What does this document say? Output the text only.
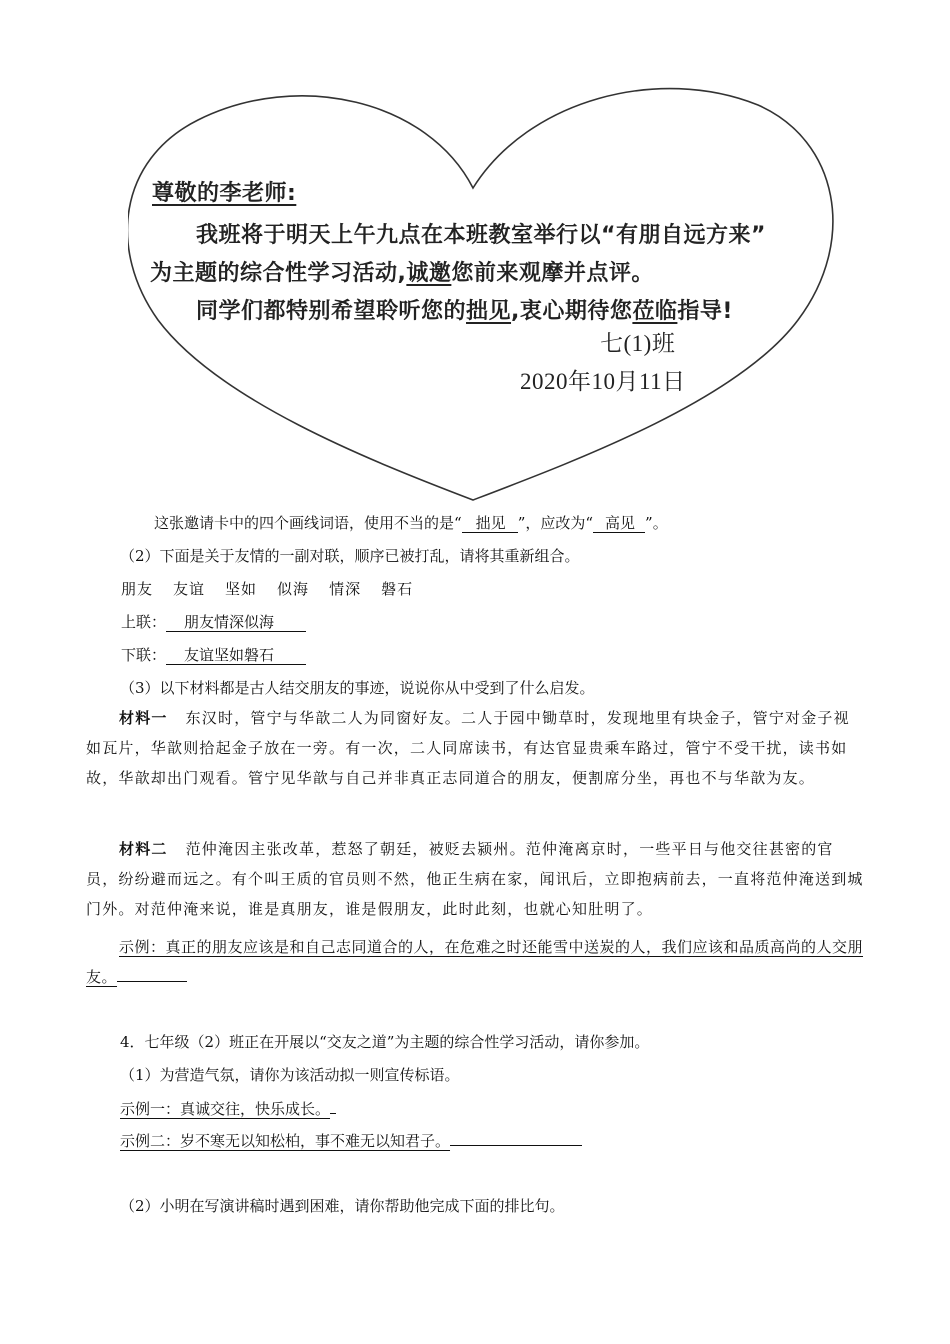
尊敬的李老师:
我班将于明天上午九点在本班教室举行以“有朋自远方来”
为主题的综合性学习活动,诚邀您前来观摩并点评。
同学们都特别希望聆听您的拙见,衷心期待您莅临指导!
七(1)班
2020年10月11日
这张邀请卡中的四个画线词语，使用不当的是“ 拙见 ”，应改为“ 高见 ”。
（2）下面是关于友情的一副对联，顺序已被打乱，请将其重新组合。
朋友 友谊 坚如 似海 情深 磐石
上联： 朋友情深似海
下联： 友谊坚如磐石
（3）以下材料都是古人结交朋友的事迹，说说你从中受到了什么启发。
材料一 东汉时，管宁与华歆二人为同窗好友。二人于园中锄草时，发现地里有块金子，管宁对金子视如瓦片，华歆则拾起金子放在一旁。有一次，二人同席读书，有达官显贵乘车路过，管宁不受干扰，读书如故，华歆却出门观看。管宁见华歆与自己并非真正志同道合的朋友，便割席分坐，再也不与华歆为友。
材料二 范仲淹因主张改革，惹怒了朝廷，被贬去颍州。范仲淹离京时，一些平日与他交往甚密的官员，纷纷避而远之。有个叫王质的官员则不然，他正生病在家，闻讯后，立即抱病前去，一直将范仲淹送到城门外。对范仲淹来说，谁是真朋友，谁是假朋友，此时此刻，也就心知肚明了。
示例：真正的朋友应该是和自己志同道合的人，在危难之时还能雪中送炭的人，我们应该和品质高尚的人交朋友。
4．七年级（2）班正在开展以“交友之道”为主题的综合性学习活动，请你参加。
（1）为营造气氛，请你为该活动拟一则宣传标语。
示例一：真诚交往，快乐成长。
示例二：岁不寒无以知松柏，事不难无以知君子。
（2）小明在写演讲稿时遇到困难，请你帮助他完成下面的排比句。
